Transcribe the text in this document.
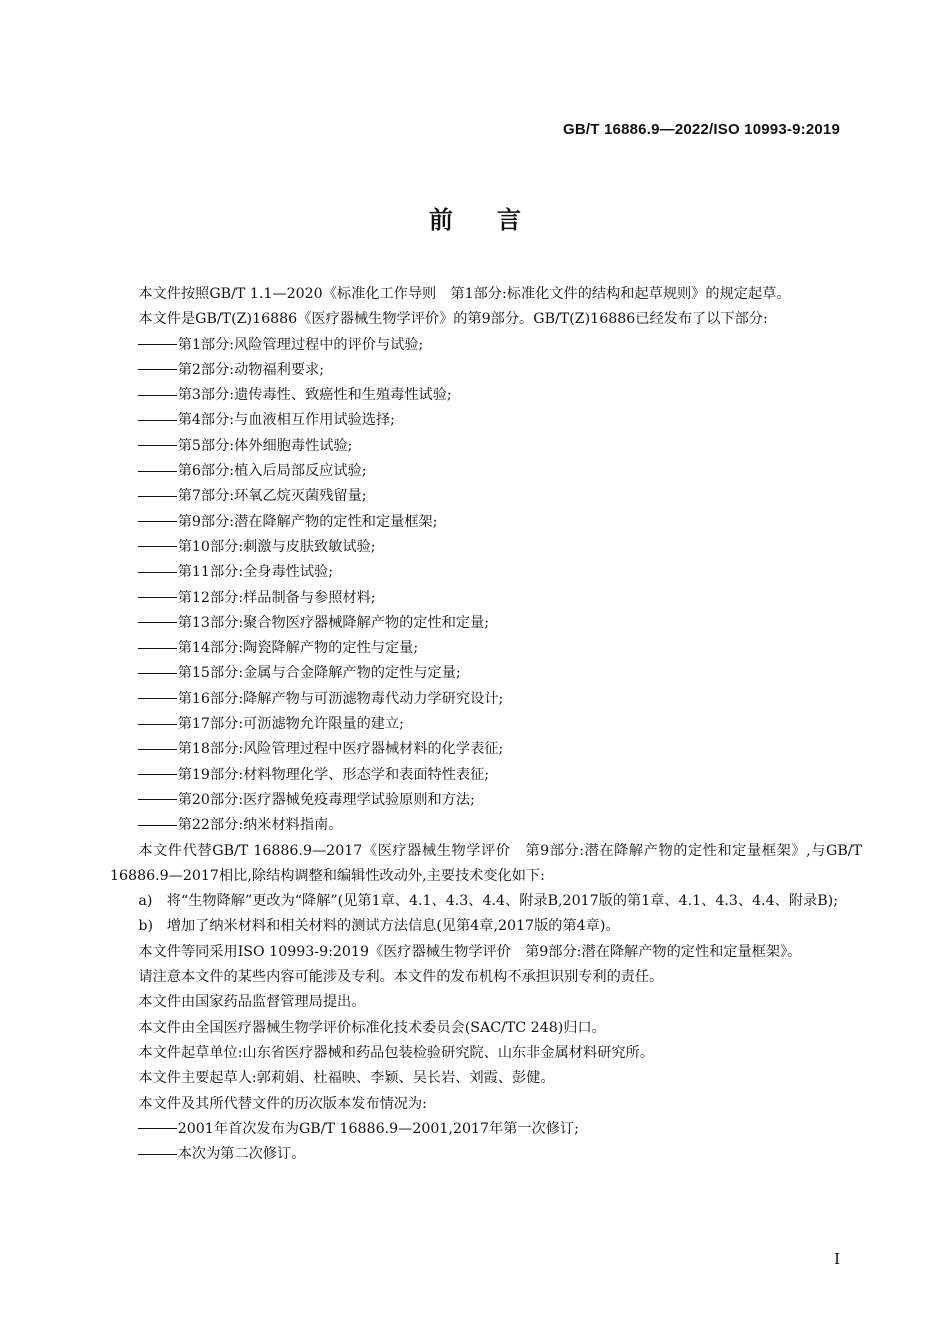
GB/T 16886.9—2022/ISO 10993-9:2019
前言

本文件按照GB/T 1.1—2020《标准化工作导则　第1部分:标准化文件的结构和起草规则》的规定起草。

本文件是GB/T(Z)16886《医疗器械生物学评价》的第9部分。GB/T(Z)16886已经发布了以下部分:

第1部分:风险管理过程中的评价与试验;

第2部分:动物福利要求;

第3部分:遗传毒性、致癌性和生殖毒性试验;

第4部分:与血液相互作用试验选择;

第5部分:体外细胞毒性试验;

第6部分:植入后局部反应试验;

第7部分:环氧乙烷灭菌残留量;

第9部分:潜在降解产物的定性和定量框架;

第10部分:刺激与皮肤致敏试验;

第11部分:全身毒性试验;

第12部分:样品制备与参照材料;

第13部分:聚合物医疗器械降解产物的定性和定量;

第14部分:陶瓷降解产物的定性与定量;

第15部分:金属与合金降解产物的定性与定量;

第16部分:降解产物与可沥滤物毒代动力学研究设计;

第17部分:可沥滤物允许限量的建立;

第18部分:风险管理过程中医疗器械材料的化学表征;

第19部分:材料物理化学、形态学和表面特性表征;

第20部分:医疗器械免疫毒理学试验原则和方法;

第22部分:纳米材料指南。

本文件代替GB/T 16886.9—2017《医疗器械生物学评价　第9部分:潜在降解产物的定性和定量框架》,与GB/T 16886.9—2017相比,除结构调整和编辑性改动外,主要技术变化如下:

a) 将“生物降解”更改为“降解”(见第1章、4.1、4.3、4.4、附录B,2017版的第1章、4.1、4.3、4.4、附录B);

b) 增加了纳米材料和相关材料的测试方法信息(见第4章,2017版的第4章)。

本文件等同采用ISO 10993-9:2019《医疗器械生物学评价　第9部分:潜在降解产物的定性和定量框架》。

请注意本文件的某些内容可能涉及专利。本文件的发布机构不承担识别专利的责任。

本文件由国家药品监督管理局提出。

本文件由全国医疗器械生物学评价标准化技术委员会(SAC/TC 248)归口。

本文件起草单位:山东省医疗器械和药品包装检验研究院、山东非金属材料研究所。

本文件主要起草人:郭莉娟、杜福映、李颖、吴长岩、刘霞、彭健。

本文件及其所代替文件的历次版本发布情况为:

2001年首次发布为GB/T 16886.9—2001,2017年第一次修订;

本次为第二次修订。

I
